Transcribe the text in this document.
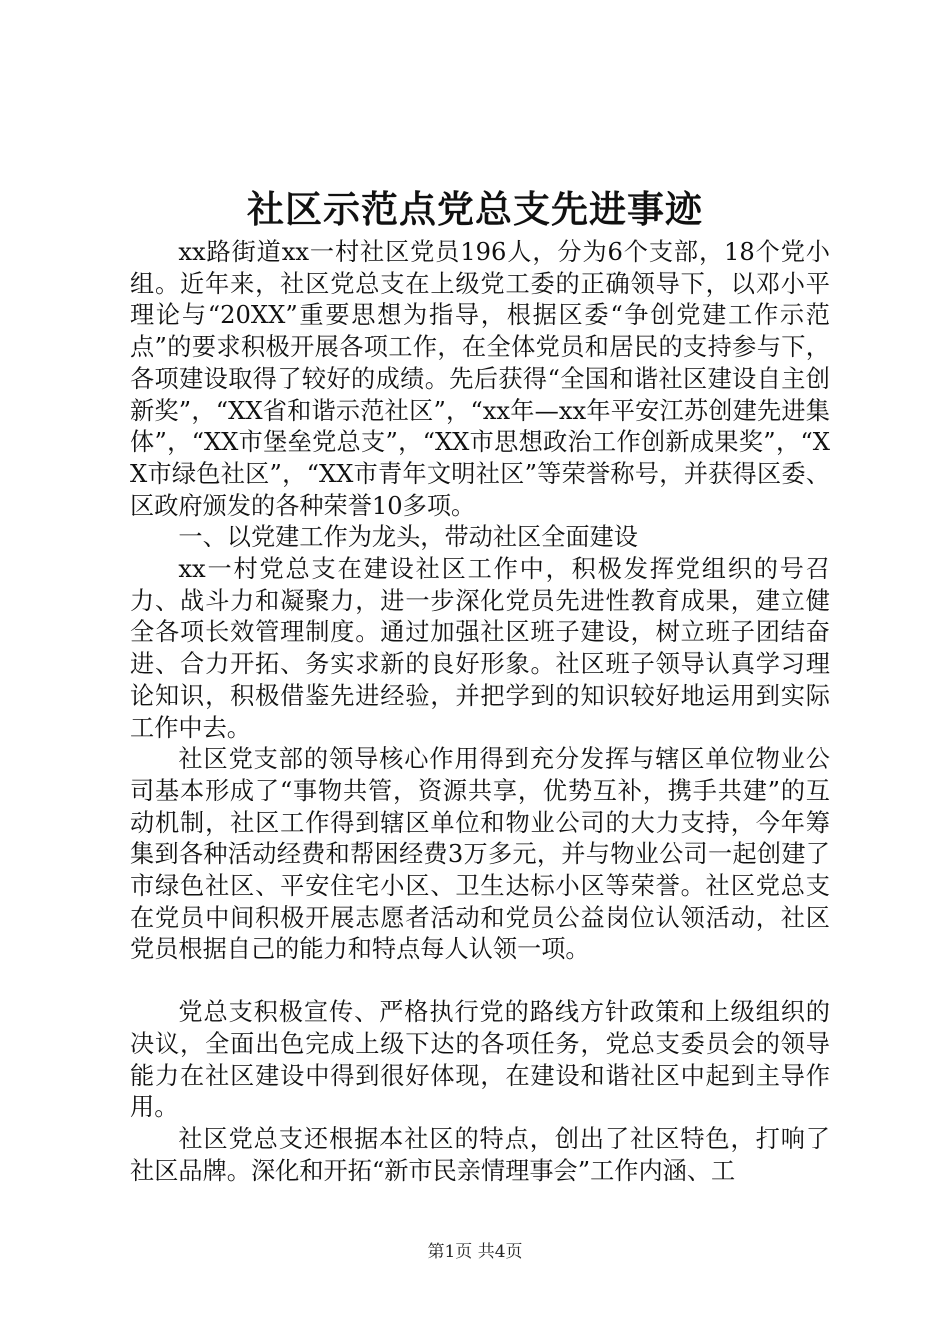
社区示范点党总支先进事迹

xx路街道xx一村社区党员196人，分为6个支部，18个党小组。近年来，社区党总支在上级党工委的正确领导下，以邓小平理论与“20XX”重要思想为指导，根据区委“争创党建工作示范点”的要求积极开展各项工作，在全体党员和居民的支持参与下，各项建设取得了较好的成绩。先后获得“全国和谐社区建设自主创新奖”，“XX省和谐示范社区”，“xx年—xx年平安江苏创建先进集体”，“XX市堡垒党总支”，“XX市思想政治工作创新成果奖”，“XX市绿色社区”，“XX市青年文明社区”等荣誉称号，并获得区委、区政府颁发的各种荣誉10多项。

一、以党建工作为龙头，带动社区全面建设

xx一村党总支在建设社区工作中，积极发挥党组织的号召力、战斗力和凝聚力，进一步深化党员先进性教育成果，建立健全各项长效管理制度。通过加强社区班子建设，树立班子团结奋进、合力开拓、务实求新的良好形象。社区班子领导认真学习理论知识，积极借鉴先进经验，并把学到的知识较好地运用到实际工作中去。

社区党支部的领导核心作用得到充分发挥与辖区单位物业公司基本形成了“事物共管，资源共享，优势互补，携手共建”的互动机制，社区工作得到辖区单位和物业公司的大力支持，今年筹集到各种活动经费和帮困经费3万多元，并与物业公司一起创建了市绿色社区、平安住宅小区、卫生达标小区等荣誉。社区党总支在党员中间积极开展志愿者活动和党员公益岗位认领活动，社区党员根据自己的能力和特点每人认领一项。

党总支积极宣传、严格执行党的路线方针政策和上级组织的决议，全面出色完成上级下达的各项任务，党总支委员会的领导能力在社区建设中得到很好体现，在建设和谐社区中起到主导作用。

社区党总支还根据本社区的特点，创出了社区特色，打响了社区品牌。深化和开拓“新市民亲情理事会”工作内涵、工

第1页 共4页
